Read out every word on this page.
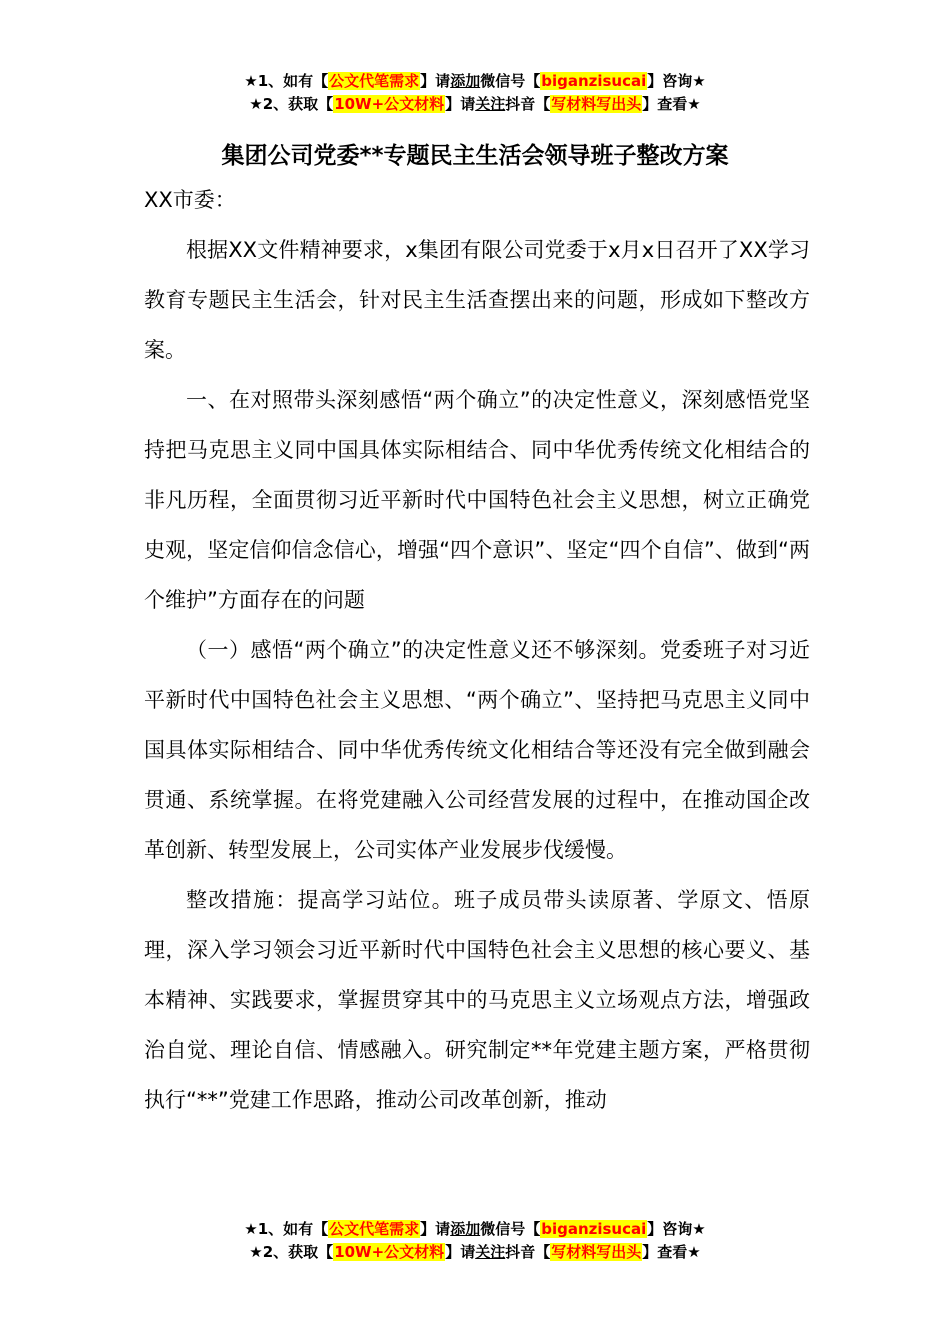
★1、如有【公文代笔需求】请添加微信号【biganzisucai】咨询★
★2、获取【10W+公文材料】请关注抖音【写材料写出头】查看★
集团公司党委**专题民主生活会领导班子整改方案

XX市委：

根据XX文件精神要求，x集团有限公司党委于x月x日召开了XX学习教育专题民主生活会，针对民主生活查摆出来的问题，形成如下整改方案。

一、在对照带头深刻感悟“两个确立”的决定性意义，深刻感悟党坚持把马克思主义同中国具体实际相结合、同中华优秀传统文化相结合的非凡历程，全面贯彻习近平新时代中国特色社会主义思想，树立正确党史观，坚定信仰信念信心，增强“四个意识”、坚定“四个自信”、做到“两个维护”方面存在的问题

（一）感悟“两个确立”的决定性意义还不够深刻。党委班子对习近平新时代中国特色社会主义思想、“两个确立”、坚持把马克思主义同中国具体实际相结合、同中华优秀传统文化相结合等还没有完全做到融会贯通、系统掌握。在将党建融入公司经营发展的过程中，在推动国企改革创新、转型发展上，公司实体产业发展步伐缓慢。

整改措施：提高学习站位。班子成员带头读原著、学原文、悟原理，深入学习领会习近平新时代中国特色社会主义思想的核心要义、基本精神、实践要求，掌握贯穿其中的马克思主义立场观点方法，增强政治自觉、理论自信、情感融入。研究制定**年党建主题方案，严格贯彻执行“**”党建工作思路，推动公司改革创新，推动

★1、如有【公文代笔需求】请添加微信号【biganzisucai】咨询★
★2、获取【10W+公文材料】请关注抖音【写材料写出头】查看★
